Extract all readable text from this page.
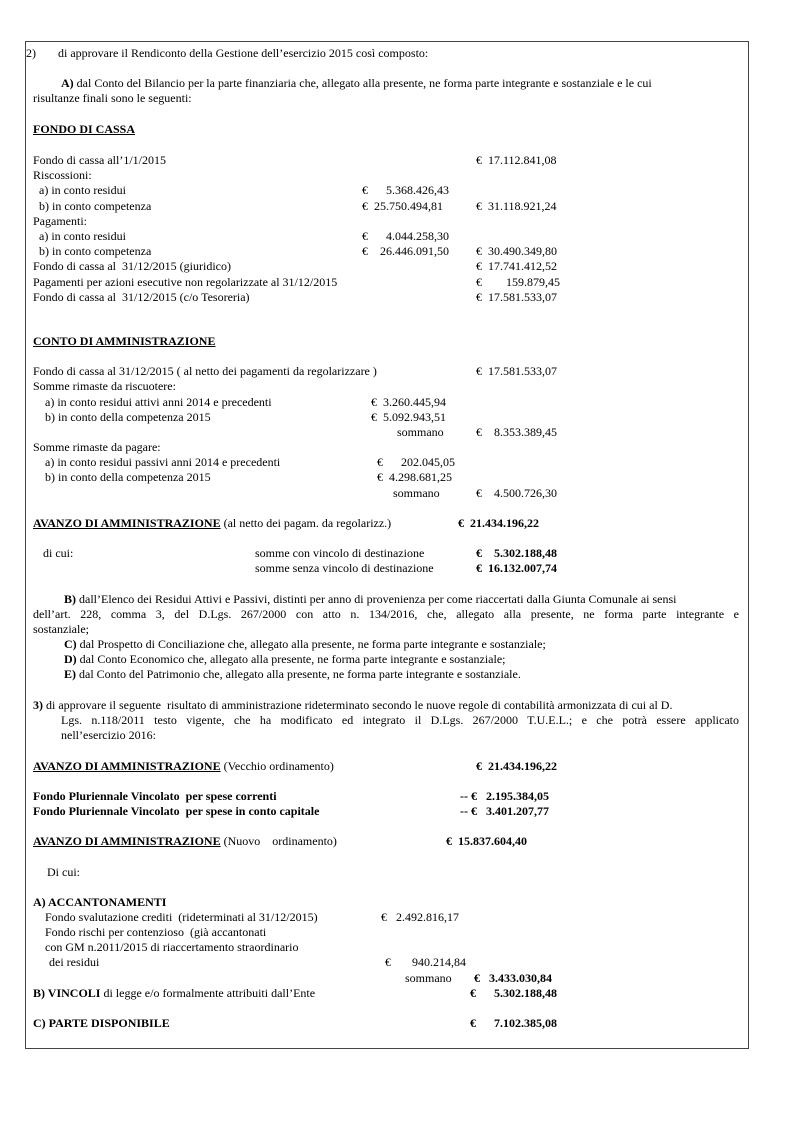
2) di approvare il Rendiconto della Gestione dell’esercizio 2015 così composto:
A) dal Conto del Bilancio per la parte finanziaria che, allegato alla presente, ne forma parte integrante e sostanziale e le cui
risultanze finali sono le seguenti:
FONDO DI CASSA
Fondo di cassa all’1/1/2015	€  17.112.841,08
Riscossioni:
a) in conto residui	€      5.368.426,43
b) in conto competenza	€  25.750.494,81	€  31.118.921,24
Pagamenti:
a) in conto residui	€      4.044.258,30
b) in conto competenza	€    26.446.091,50 €  30.490.349,80
Fondo di cassa al  31/12/2015 (giuridico)	€  17.741.412,52
Pagamenti per azioni esecutive non regolarizzate al 31/12/2015	€        159.879,45
Fondo di cassa al  31/12/2015 (c/o Tesoreria)	€  17.581.533,07
CONTO DI AMMINISTRAZIONE
Fondo di cassa al 31/12/2015 ( al netto dei pagamenti da regolarizzare )	€  17.581.533,07
Somme rimaste da riscuotere:
a) in conto residui attivi anni 2014 e precedenti	€  3.260.445,94
b) in conto della competenza 2015	€  5.092.943,51
sommano	€    8.353.389,45
Somme rimaste da pagare:
a) in conto residui passivi anni 2014 e precedenti	€      202.045,05
b) in conto della competenza 2015	€  4.298.681,25
sommano	€    4.500.726,30
AVANZO DI AMMINISTRAZIONE (al netto dei pagam. da regolarizz.)	€  21.434.196,22
di cui:	somme con vincolo di destinazione	€    5.302.188,48
somme senza vincolo di destinazione	€  16.132.007,74
B) dall’Elenco dei Residui Attivi e Passivi, distinti per anno di provenienza per come riaccertati dalla Giunta Comunale ai sensi
dell’art. 228, comma 3, del D.Lgs. 267/2000 con atto n. 134/2016, che, allegato alla presente, ne forma parte integrante e
sostanziale;
C) dal Prospetto di Conciliazione che, allegato alla presente, ne forma parte integrante e sostanziale;
D) dal Conto Economico che, allegato alla presente, ne forma parte integrante e sostanziale;
E) dal Conto del Patrimonio che, allegato alla presente, ne forma parte integrante e sostanziale.
3) di approvare il seguente  risultato di amministrazione rideterminato secondo le nuove regole di contabilità armonizzata di cui al D.
Lgs. n.118/2011 testo vigente, che ha modificato ed integrato il D.Lgs. 267/2000 T.U.E.L.; e che potrà essere applicato
nell’esercizio 2016:
AVANZO DI AMMINISTRAZIONE (Vecchio ordinamento)	€  21.434.196,22
Fondo Pluriennale Vincolato  per spese correnti	-- €   2.195.384,05
Fondo Pluriennale Vincolato  per spese in conto capitale	-- €   3.401.207,77
AVANZO DI AMMINISTRAZIONE (Nuovo    ordinamento)	€  15.837.604,40
Di cui:
A) ACCANTONAMENTI
Fondo svalutazione crediti  (rideterminati al 31/12/2015)	€   2.492.816,17
Fondo rischi per contenzioso  (già accantonati
con GM n.2011/2015 di riaccertamento straordinario
dei residui	€       940.214,84
sommano €   3.433.030,84
B) VINCOLI di legge e/o formalmente attribuiti dall’Ente	€      5.302.188,48
C) PARTE DISPONIBILE	€      7.102.385,08
